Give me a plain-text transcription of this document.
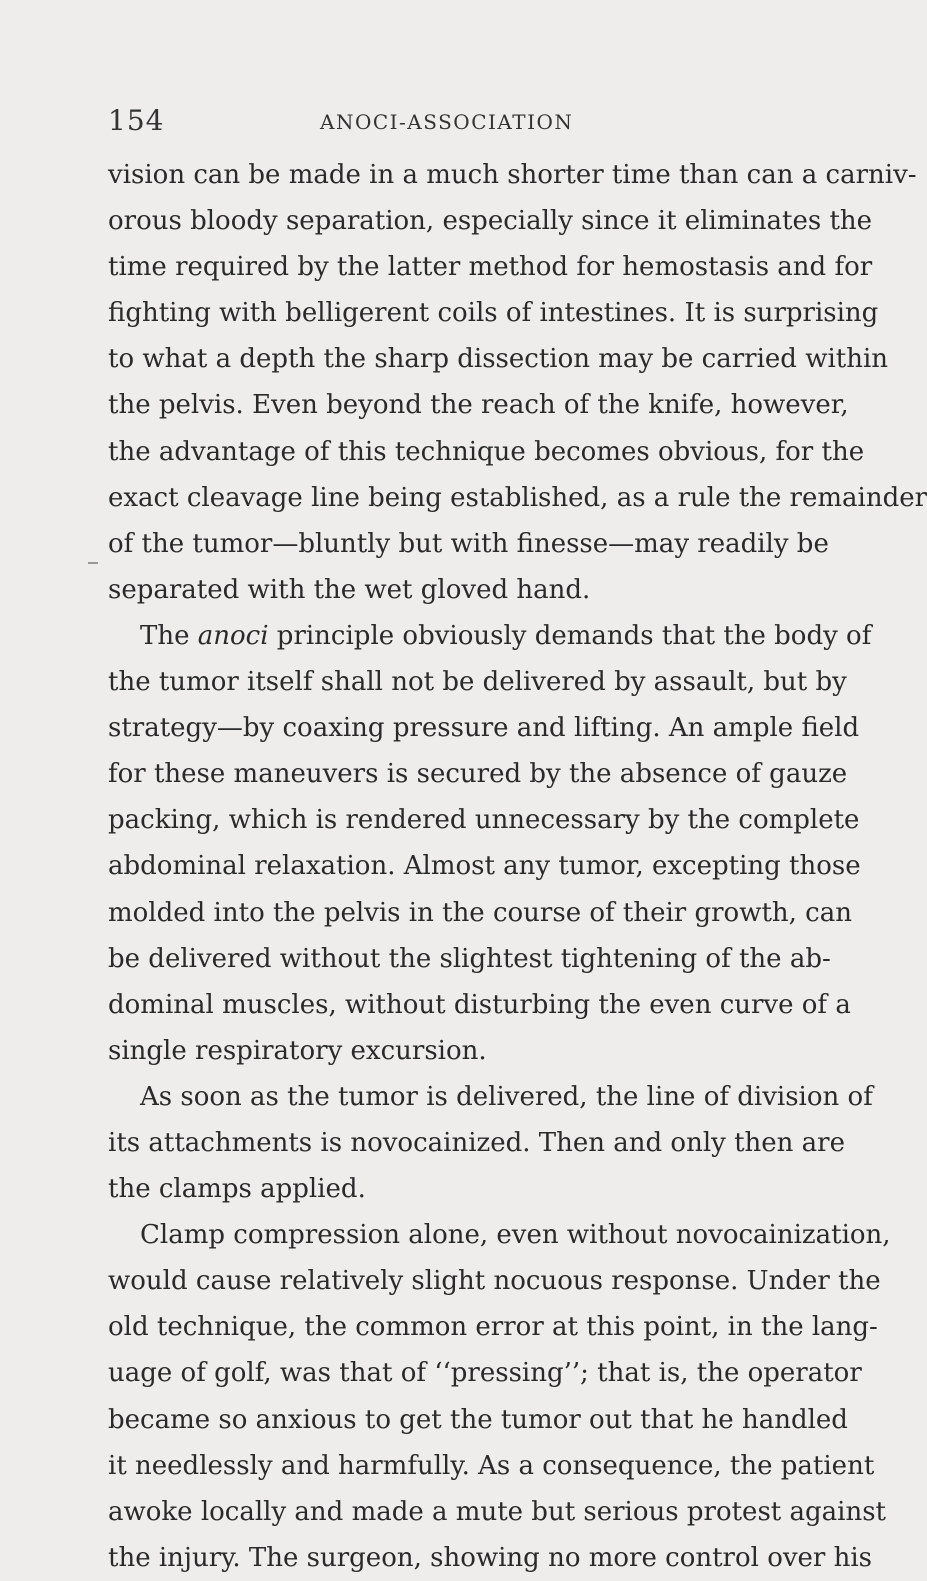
154	ANOCI-ASSOCIATION
vision can be made in a much shorter time than can a carniv-
orous bloody separation, especially since it eliminates the
time required by the latter method for hemostasis and for
fighting with belligerent coils of intestines. It is surprising
to what a depth the sharp dissection may be carried within
the pelvis. Even beyond the reach of the knife, however,
the advantage of this technique becomes obvious, for the
exact cleavage line being established, as a rule the remainder
of the tumor—bluntly but with finesse—may readily be
separated with the wet gloved hand.
The anoci principle obviously demands that the body of
the tumor itself shall not be delivered by assault, but by
strategy—by coaxing pressure and lifting. An ample field
for these maneuvers is secured by the absence of gauze
packing, which is rendered unnecessary by the complete
abdominal relaxation. Almost any tumor, excepting those
molded into the pelvis in the course of their growth, can
be delivered without the slightest tightening of the ab-
dominal muscles, without disturbing the even curve of a
single respiratory excursion.
As soon as the tumor is delivered, the line of division of
its attachments is novocainized. Then and only then are
the clamps applied.
Clamp compression alone, even without novocainization,
would cause relatively slight nocuous response. Under the
old technique, the common error at this point, in the lang-
uage of golf, was that of ‘‘pressing’’; that is, the operator
became so anxious to get the tumor out that he handled
it needlessly and harmfully. As a consequence, the patient
awoke locally and made a mute but serious protest against
the injury. The surgeon, showing no more control over his
